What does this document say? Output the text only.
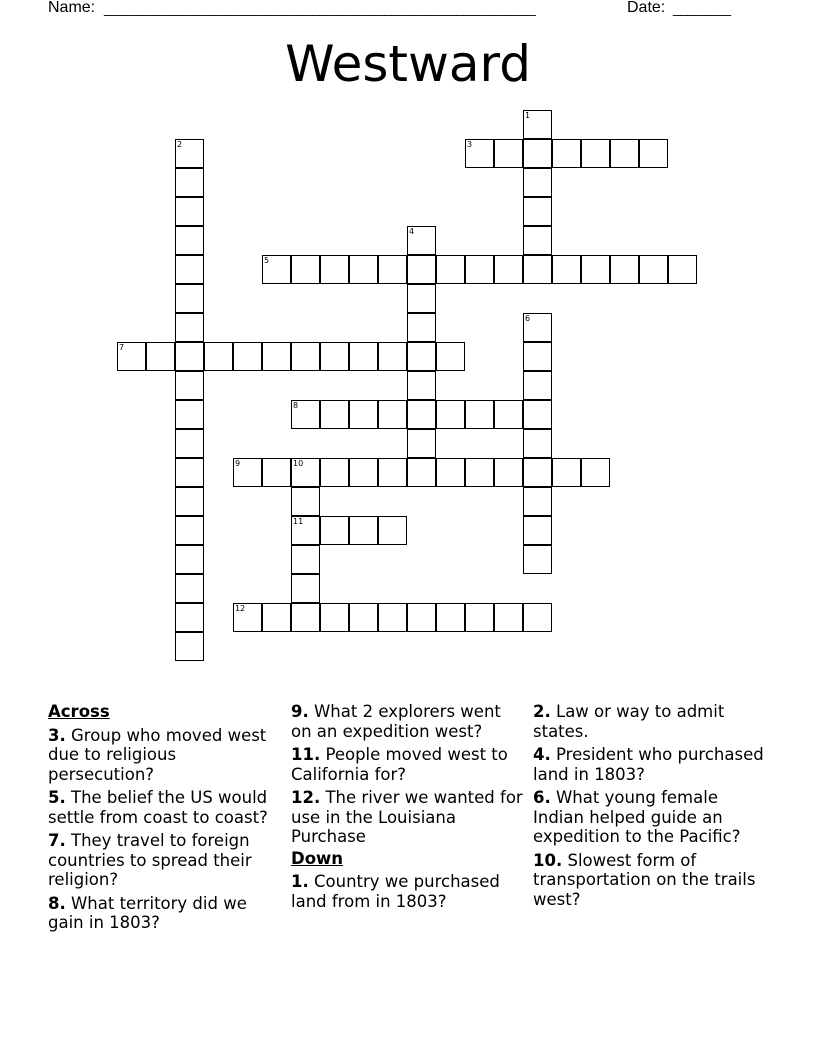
Name: ____________________________________________________________	Date: ________
Westward
1
2	3
4
5
6
7
8
9	10
11
12
Across
3. Group who moved west due to religious persecution?
5. The belief the US would settle from coast to coast?
7. They travel to foreign countries to spread their religion?
8. What territory did we gain in 1803?
9. What 2 explorers went on an expedition west?
11. People moved west to California for?
12. The river we wanted for use in the Louisiana Purchase
Down
1. Country we purchased land from in 1803?
2. Law or way to admit states.
4. President who purchased land in 1803?
6. What young female Indian helped guide an expedition to the Pacific?
10. Slowest form of transportation on the trails west?
